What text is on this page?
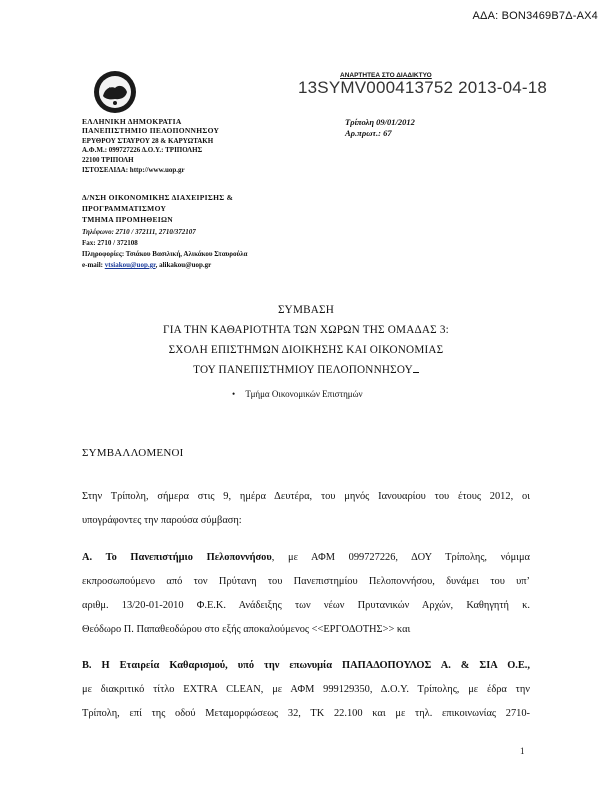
ΑΔΑ: ΒΟΝ3469Β7Δ-ΑΧ4
ΑΝΑΡΤΗΤΕΑ ΣΤΟ ΔΙΑΔΙΚΤΥΟ
13SYMV000413752 2013-04-18
ΕΛΛΗΝΙΚΗ ΔΗΜΟΚΡΑΤΙΑ
ΠΑΝΕΠΙΣΤΗΜΙΟ ΠΕΛΟΠΟΝΝΗΣΟΥ
ΕΡΥΘΡΟΥ ΣΤΑΥΡΟΥ 28 & ΚΑΡΥΩΤΑΚΗ
Α.Φ.Μ.: 099727226 Δ.Ο.Υ.: ΤΡΙΠΟΛΗΣ
22100 ΤΡΙΠΟΛΗ
ΙΣΤΟΣΕΛΙΔΑ: http://www.uop.gr
Τρίπολη 09/01/2012
Αρ.πρωτ.: 67
Δ/ΝΣΗ ΟΙΚΟΝΟΜΙΚΗΣ ΔΙΑΧΕΙΡΙΣΗΣ &
ΠΡΟΓΡΑΜΜΑΤΙΣΜΟΥ
ΤΜΗΜΑ ΠΡΟΜΗΘΕΙΩΝ
Τηλέφωνο: 2710 / 372111, 2710/372107
Fax: 2710 / 372108
Πληροφορίες: Τσιάκου Βασιλική, Αλικάκου Σταυρούλα
e-mail: vtsiakou@uop.gr, alikakou@uop.gr
ΣΥΜΒΑΣΗ
ΓΙΑ ΤΗΝ ΚΑΘΑΡΙΟΤΗΤΑ ΤΩΝ ΧΩΡΩΝ ΤΗΣ ΟΜΑΔΑΣ 3:
ΣΧΟΛΗ ΕΠΙΣΤΗΜΩΝ ΔΙΟΙΚΗΣΗΣ ΚΑΙ ΟΙΚΟΝΟΜΙΑΣ
ΤΟΥ ΠΑΝΕΠΙΣΤΗΜΙΟΥ ΠΕΛΟΠΟΝΝΗΣΟΥ
• Τμήμα Οικονομικών Επιστημών
ΣΥΜΒΑΛΛΟΜΕΝΟΙ
Στην Τρίπολη, σήμερα στις 9, ημέρα Δευτέρα, του μηνός Ιανουαρίου του έτους 2012, οι
υπογράφοντες την παρούσα σύμβαση:
Α. Το Πανεπιστήμιο Πελοποννήσου, με ΑΦΜ 099727226, ΔΟΥ Τρίπολης, νόμιμα
εκπροσωπούμενο από τον Πρύτανη του Πανεπιστημίου Πελοποννήσου, δυνάμει του υπ’
αριθμ. 13/20-01-2010 Φ.Ε.Κ. Ανάδειξης των νέων Πρυτανικών Αρχών, Καθηγητή κ.
Θεόδωρο Π. Παπαθεοδώρου στο εξής αποκαλούμενος <<ΕΡΓΟΔΟΤΗΣ>> και
Β. Η Εταιρεία Καθαρισμού, υπό την επωνυμία ΠΑΠΑΔΟΠΟΥΛΟΣ Α. & ΣΙΑ Ο.Ε.,
με διακριτικό τίτλο EXTRA CLEAN, με ΑΦΜ 999129350, Δ.Ο.Υ. Τρίπολης, με έδρα την
Τρίπολη, επί της οδού Μεταμορφώσεως 32, ΤΚ 22.100 και με τηλ. επικοινωνίας 2710-
1
